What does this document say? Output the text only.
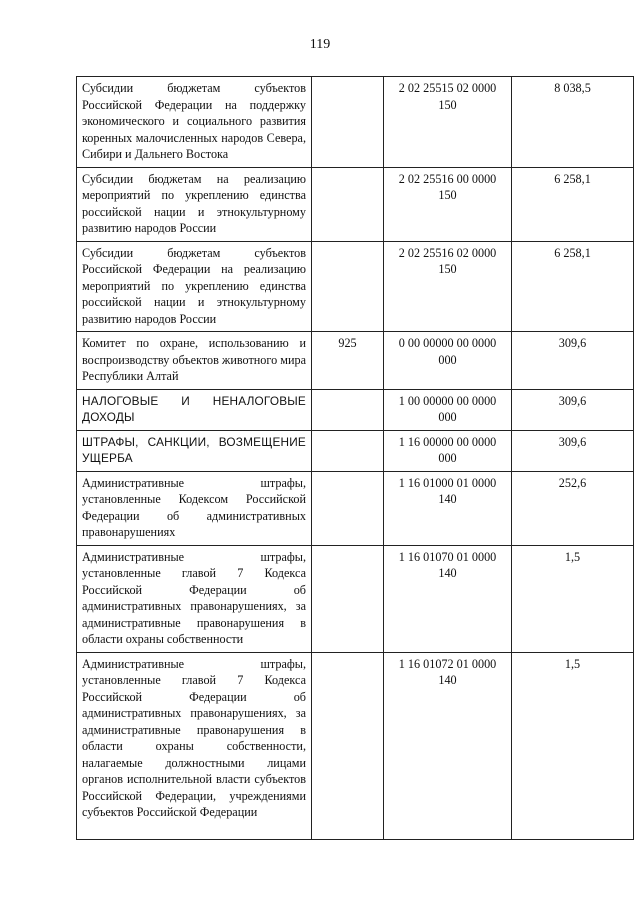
119
Субсидии бюджетам субъектов Российской Федерации на поддержку экономического и социального развития коренных малочисленных народов Севера, Сибири и Дальнего Востока		2 02 25515 02 0000 150	8 038,5
Субсидии бюджетам на реализацию мероприятий по укреплению единства российской нации и этнокультурному развитию народов России		2 02 25516 00 0000 150	6 258,1
Субсидии бюджетам субъектов Российской Федерации на реализацию мероприятий по укреплению единства российской нации и этнокультурному развитию народов России		2 02 25516 02 0000 150	6 258,1
Комитет по охране, использованию и воспроизводству объектов животного мира Республики Алтай	925	0 00 00000 00 0000 000	309,6
НАЛОГОВЫЕ И НЕНАЛОГОВЫЕ ДОХОДЫ		1 00 00000 00 0000 000	309,6
ШТРАФЫ, САНКЦИИ, ВОЗМЕЩЕНИЕ УЩЕРБА		1 16 00000 00 0000 000	309,6
Административные штрафы, установленные Кодексом Российской Федерации об административных правонарушениях		1 16 01000 01 0000 140	252,6
Административные штрафы, установленные главой 7 Кодекса Российской Федерации об административных правонарушениях, за административные правонарушения в области охраны собственности		1 16 01070 01 0000 140	1,5
Административные штрафы, установленные главой 7 Кодекса Российской Федерации об административных правонарушениях, за административные правонарушения в области охраны собственности, налагаемые должностными лицами органов исполнительной власти субъектов Российской Федерации, учреждениями субъектов Российской Федерации		1 16 01072 01 0000 140	1,5
